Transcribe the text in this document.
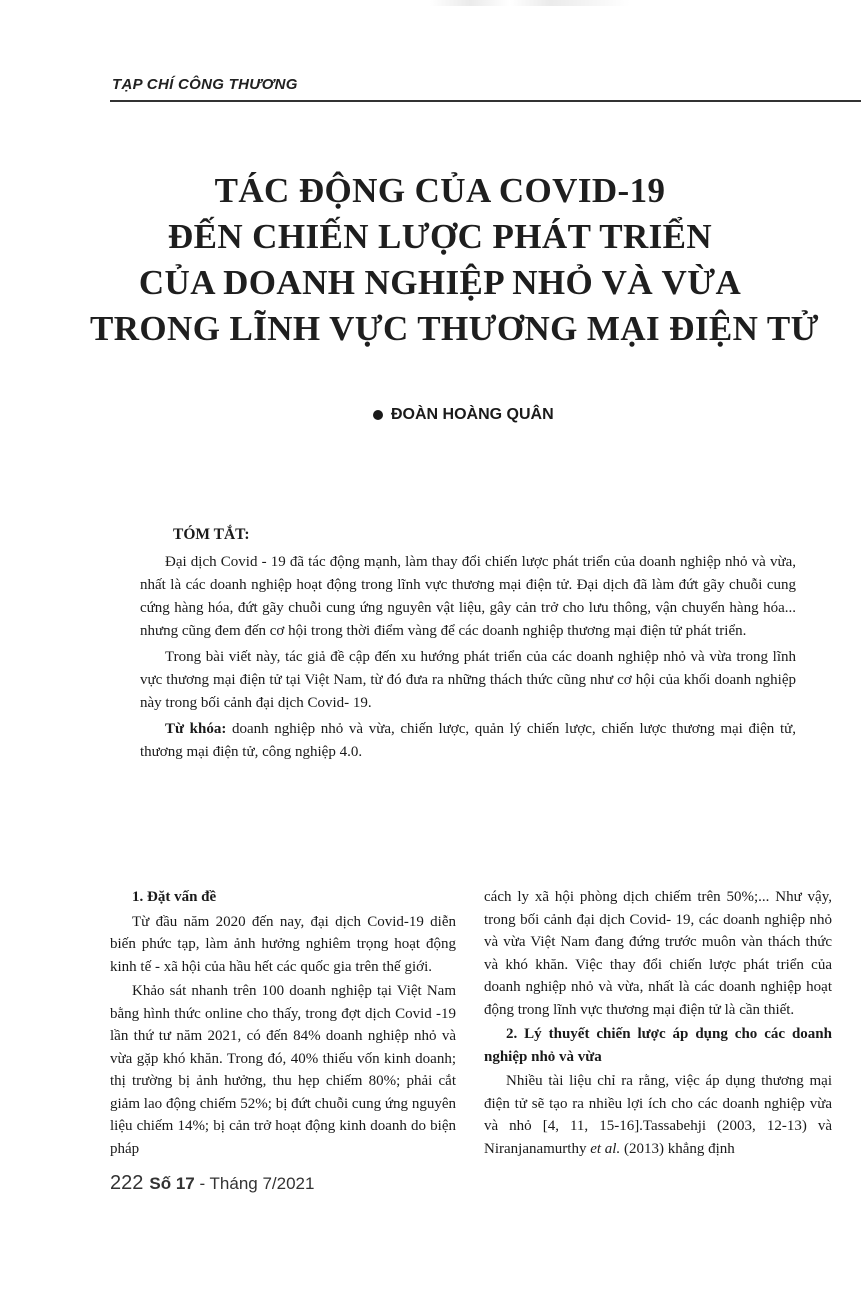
TẠP CHÍ CÔNG THƯƠNG
TÁC ĐỘNG CỦA COVID-19
ĐẾN CHIẾN LƯỢC PHÁT TRIỂN
CỦA DOANH NGHIỆP NHỎ VÀ VỪA
TRONG LĨNH VỰC THƯƠNG MẠI ĐIỆN TỬ
ĐOÀN HOÀNG QUÂN
TÓM TẮT:

Đại dịch Covid - 19 đã tác động mạnh, làm thay đổi chiến lược phát triển của doanh nghiệp nhỏ và vừa, nhất là các doanh nghiệp hoạt động trong lĩnh vực thương mại điện tử. Đại dịch đã làm đứt gãy chuỗi cung cứng hàng hóa, đứt gãy chuỗi cung ứng nguyên vật liệu, gây cản trở cho lưu thông, vận chuyển hàng hóa... nhưng cũng đem đến cơ hội trong thời điểm vàng để các doanh nghiệp thương mại điện tử phát triển.

Trong bài viết này, tác giả đề cập đến xu hướng phát triển của các doanh nghiệp nhỏ và vừa trong lĩnh vực thương mại điện tử tại Việt Nam, từ đó đưa ra những thách thức cũng như cơ hội của khối doanh nghiệp này trong bối cảnh đại dịch Covid- 19.

Từ khóa: doanh nghiệp nhỏ và vừa, chiến lược, quản lý chiến lược, chiến lược thương mại điện tử, thương mại điện tử, công nghiệp 4.0.

1. Đặt vấn đề

Từ đầu năm 2020 đến nay, đại dịch Covid-19 diễn biến phức tạp, làm ảnh hưởng nghiêm trọng hoạt động kinh tế - xã hội của hầu hết các quốc gia trên thế giới.

Khảo sát nhanh trên 100 doanh nghiệp tại Việt Nam bằng hình thức online cho thấy, trong đợt dịch Covid -19 lần thứ tư năm 2021, có đến 84% doanh nghiệp nhỏ và vừa gặp khó khăn. Trong đó, 40% thiếu vốn kinh doanh; thị trường bị ảnh hưởng, thu hẹp chiếm 80%; phải cắt giảm lao động chiếm 52%; bị đứt chuỗi cung ứng nguyên liệu chiếm 14%; bị cản trở hoạt động kinh doanh do biện pháp

cách ly xã hội phòng dịch chiếm trên 50%;... Như vậy, trong bối cảnh đại dịch Covid- 19, các doanh nghiệp nhỏ và vừa Việt Nam đang đứng trước muôn vàn thách thức và khó khăn. Việc thay đổi chiến lược phát triển của doanh nghiệp nhỏ và vừa, nhất là các doanh nghiệp hoạt động trong lĩnh vực thương mại điện tử là cần thiết.

2. Lý thuyết chiến lược áp dụng cho các doanh nghiệp nhỏ và vừa

Nhiều tài liệu chỉ ra rằng, việc áp dụng thương mại điện tử sẽ tạo ra nhiều lợi ích cho các doanh nghiệp vừa và nhỏ [4, 11, 15-16].Tassabehji (2003, 12-13) và Niranjanamurthy et al. (2013) khẳng định

222 Số 17 - Tháng 7/2021
